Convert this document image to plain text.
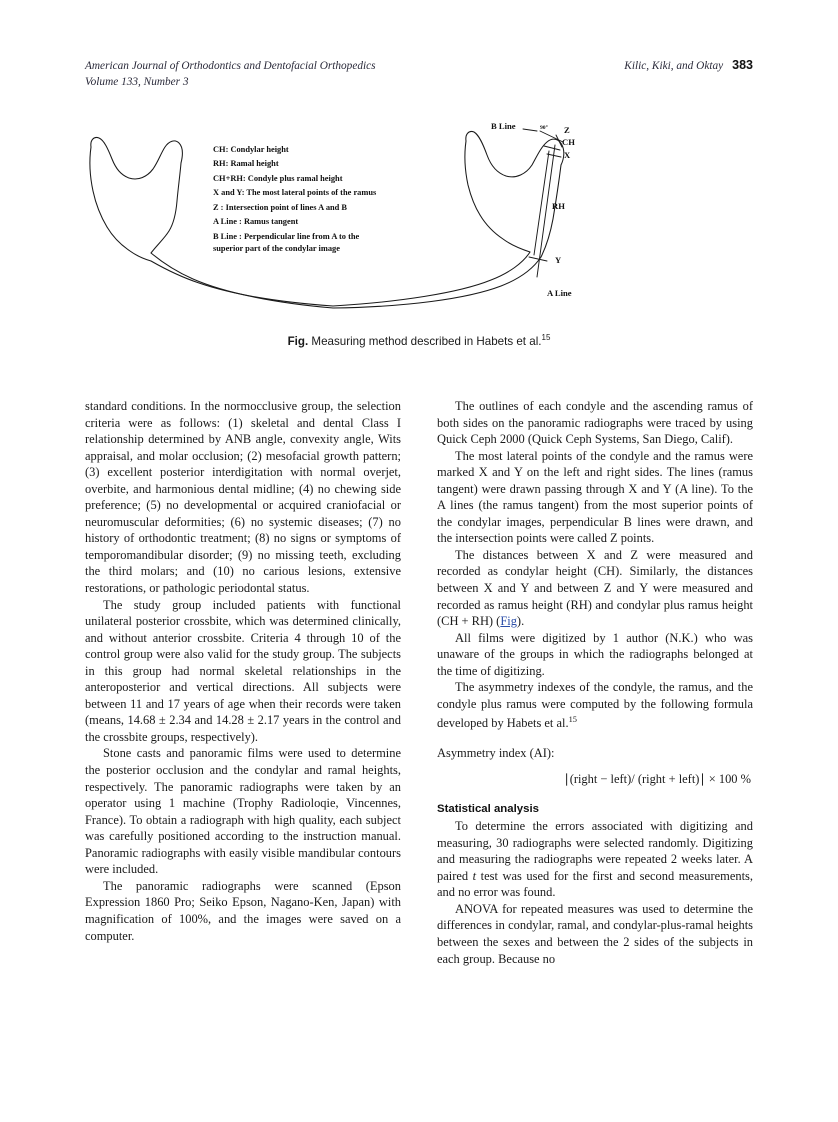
American Journal of Orthodontics and Dentofacial Orthopedics
Volume 133, Number 3
Kilic, Kiki, and Oktay 383
CH: Condylar height
RH: Ramal height
CH+RH: Condyle plus ramal height
X and Y: The most lateral points of the ramus
Z : Intersection point of lines A and B
A Line : Ramus tangent
B Line : Perpendicular line from A to the
superior part of the condylar image
B Line	90° Z
CH
X
RH
Y
A Line
Fig. Measuring method described in Habets et al.$^{15}$

standard conditions. In the normocclusive group, the selection criteria were as follows: (1) skeletal and dental Class I relationship determined by ANB angle, convexity angle, Wits appraisal, and molar occlusion; (2) mesofacial growth pattern; (3) excellent posterior interdigitation with normal overjet, overbite, and harmonious dental midline; (4) no chewing side preference; (5) no developmental or acquired craniofacial or neuromuscular deformities; (6) no systemic diseases; (7) no history of orthodontic treatment; (8) no signs or symptoms of temporomandibular disorder; (9) no missing teeth, excluding the third molars; and (10) no carious lesions, extensive restorations, or pathologic periodontal status.

The study group included patients with functional unilateral posterior crossbite, which was determined clinically, and without anterior crossbite. Criteria 4 through 10 of the control group were also valid for the study group. The subjects in this group had normal skeletal relationships in the anteroposterior and vertical directions. All subjects were between 11 and 17 years of age when their records were taken (means, 14.68 ± 2.34 and 14.28 ± 2.17 years in the control and the crossbite groups, respectively).

Stone casts and panoramic films were used to determine the posterior occlusion and the condylar and ramal heights, respectively. The panoramic radiographs were taken by an operator using 1 machine (Trophy Radioloqie, Vincennes, France). To obtain a radiograph with high quality, each subject was carefully positioned according to the instruction manual. Panoramic radiographs with easily visible mandibular contours were included.

The panoramic radiographs were scanned (Epson Expression 1860 Pro; Seiko Epson, Nagano-Ken, Japan) with magnification of 100%, and the images were saved on a computer.

The outlines of each condyle and the ascending ramus of both sides on the panoramic radiographs were traced by using Quick Ceph 2000 (Quick Ceph Systems, San Diego, Calif).

The most lateral points of the condyle and the ramus were marked X and Y on the left and right sides. The lines (ramus tangent) were drawn passing through X and Y (A line). To the A lines (the ramus tangent) from the most superior points of the condylar images, perpendicular B lines were drawn, and the intersection points were called Z points.

The distances between X and Z were measured and recorded as condylar height (CH). Similarly, the distances between X and Y and between Z and Y were measured and recorded as ramus height (RH) and condylar plus ramus height (CH + RH) (Fig).

All films were digitized by 1 author (N.K.) who was unaware of the groups in which the radiographs belonged at the time of digitizing.

The asymmetry indexes of the condyle, the ramus, and the condyle plus ramus were computed by the following formula developed by Habets et al.$^{15}$

Asymmetry index (AI):

∣(right − left)/ (right + left)∣ × 100 %

Statistical analysis

To determine the errors associated with digitizing and measuring, 30 radiographs were selected randomly. Digitizing and measuring the radiographs were repeated 2 weeks later. A paired t test was used for the first and second measurements, and no error was found.

ANOVA for repeated measures was used to determine the differences in condylar, ramal, and condylar-plus-ramal heights between the sexes and between the 2 sides of the subjects in each group. Because no
